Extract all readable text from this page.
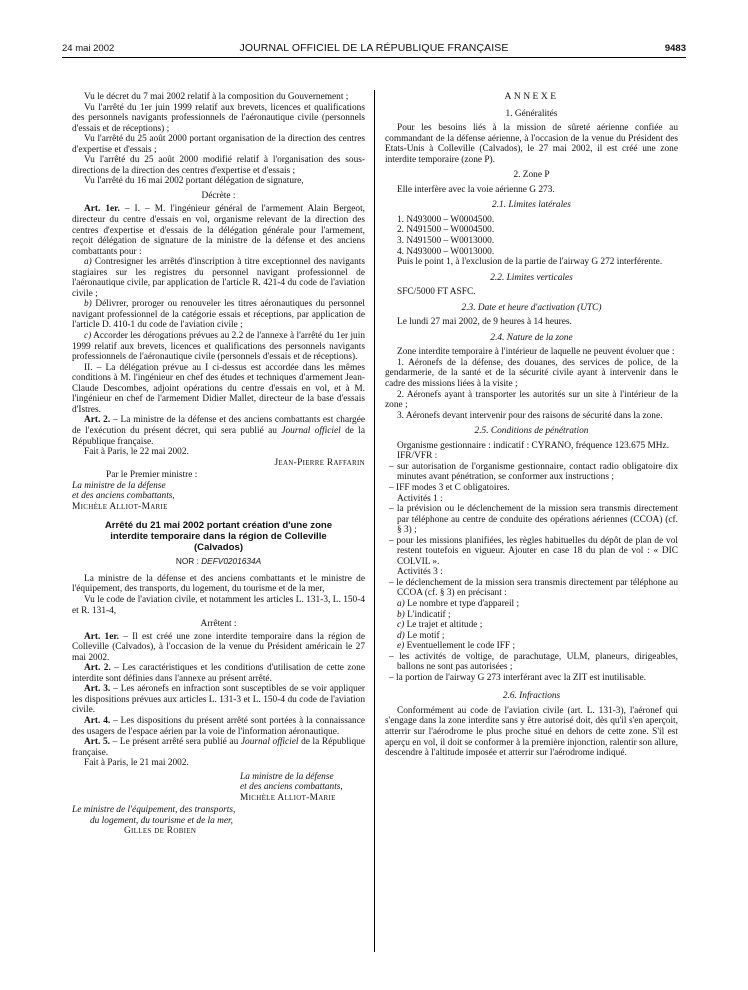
24 mai 2002	JOURNAL OFFICIEL DE LA RÉPUBLIQUE FRANÇAISE	9483

Vu le décret du 7 mai 2002 relatif à la composition du Gouvernement ;

Vu l'arrêté du 1er juin 1999 relatif aux brevets, licences et qualifications des personnels navigants professionnels de l'aéronautique civile (personnels d'essais et de réceptions) ;

Vu l'arrêté du 25 août 2000 portant organisation de la direction des centres d'expertise et d'essais ;

Vu l'arrêté du 25 août 2000 modifié relatif à l'organisation des sous-directions de la direction des centres d'expertise et d'essais ;

Vu l'arrêté du 16 mai 2002 portant délégation de signature,

Décrète :

Art. 1er. – I. – M. l'ingénieur général de l'armement Alain Bergeot, directeur du centre d'essais en vol, organisme relevant de la direction des centres d'expertise et d'essais de la délégation générale pour l'armement, reçoit délégation de signature de la ministre de la défense et des anciens combattants pour :

a) Contresigner les arrêtés d'inscription à titre exceptionnel des navigants stagiaires sur les registres du personnel navigant professionnel de l'aéronautique civile, par application de l'article R. 421-4 du code de l'aviation civile ;

b) Délivrer, proroger ou renouveler les titres aéronautiques du personnel navigant professionnel de la catégorie essais et réceptions, par application de l'article D. 410-1 du code de l'aviation civile ;

c) Accorder les dérogations prévues au 2.2 de l'annexe à l'arrêté du 1er juin 1999 relatif aux brevets, licences et qualifications des personnels navigants professionnels de l'aéronautique civile (personnels d'essais et de réceptions).

II. – La délégation prévue au I ci-dessus est accordée dans les mêmes conditions à M. l'ingénieur en chef des études et techniques d'armement Jean-Claude Descombes, adjoint opérations du centre d'essais en vol, et à M. l'ingénieur en chef de l'armement Didier Mallet, directeur de la base d'essais d'Istres.

Art. 2. – La ministre de la défense et des anciens combattants est chargée de l'exécution du présent décret, qui sera publié au Journal officiel de la République française.

Fait à Paris, le 22 mai 2002.

Jean-Pierre Raffarin

Par le Premier ministre :

La ministre de la défense

et des anciens combattants,

Michèle Alliot-Marie

Arrêté du 21 mai 2002 portant création d'une zone interdite temporaire dans la région de Colleville (Calvados)

NOR : DEFV0201634A

La ministre de la défense et des anciens combattants et le ministre de l'équipement, des transports, du logement, du tourisme et de la mer,

Vu le code de l'aviation civile, et notamment les articles L. 131-3, L. 150-4 et R. 131-4,

Arrêtent :

Art. 1er. – Il est créé une zone interdite temporaire dans la région de Colleville (Calvados), à l'occasion de la venue du Président américain le 27 mai 2002.

Art. 2. – Les caractéristiques et les conditions d'utilisation de cette zone interdite sont définies dans l'annexe au présent arrêté.

Art. 3. – Les aéronefs en infraction sont susceptibles de se voir appliquer les dispositions prévues aux articles L. 131-3 et L. 150-4 du code de l'aviation civile.

Art. 4. – Les dispositions du présent arrêté sont portées à la connaissance des usagers de l'espace aérien par la voie de l'information aéronautique.

Art. 5. – Le présent arrêté sera publié au Journal officiel de la République française.

Fait à Paris, le 21 mai 2002.

La ministre de la défense

et des anciens combattants,

Michèle Alliot-Marie

Le ministre de l'équipement, des transports,

du logement, du tourisme et de la mer,

Gilles de Robien

ANNEXE

1. Généralités

Pour les besoins liés à la mission de sûreté aérienne confiée au commandant de la défense aérienne, à l'occasion de la venue du Président des Etats-Unis à Colleville (Calvados), le 27 mai 2002, il est créé une zone interdite temporaire (zone P).

2. Zone P

Elle interfère avec la voie aérienne G 273.

2.1. Limites latérales

1. N493000 – W0004500.

2. N491500 – W0004500.

3. N491500 – W0013000.

4. N493000 – W0013000.

Puis le point 1, à l'exclusion de la partie de l'airway G 272 interférente.

2.2. Limites verticales

SFC/5000 FT ASFC.

2.3. Date et heure d'activation (UTC)

Le lundi 27 mai 2002, de 9 heures à 14 heures.

2.4. Nature de la zone

Zone interdite temporaire à l'intérieur de laquelle ne peuvent évoluer que :

1. Aéronefs de la défense, des douanes, des services de police, de la gendarmerie, de la santé et de la sécurité civile ayant à intervenir dans le cadre des missions liées à la visite ;

2. Aéronefs ayant à transporter les autorités sur un site à l'intérieur de la zone ;

3. Aéronefs devant intervenir pour des raisons de sécurité dans la zone.

2.5. Conditions de pénétration

Organisme gestionnaire : indicatif : CYRANO, fréquence 123.675 MHz.

IFR/VFR :

– sur autorisation de l'organisme gestionnaire, contact radio obligatoire dix minutes avant pénétration, se conformer aux instructions ;

– IFF modes 3 et C obligatoires.

Activités 1 :

– la prévision ou le déclenchement de la mission sera transmis directement par téléphone au centre de conduite des opérations aériennes (CCOA) (cf. § 3) ;

– pour les missions planifiées, les règles habituelles du dépôt de plan de vol restent toutefois en vigueur. Ajouter en case 18 du plan de vol : « DIC COLVIL ».

Activités 3 :

– le déclenchement de la mission sera transmis directement par téléphone au CCOA (cf. § 3) en précisant :

a) Le nombre et type d'appareil ;

b) L'indicatif ;

c) Le trajet et altitude ;

d) Le motif ;

e) Eventuellement le code IFF ;

– les activités de voltige, de parachutage, ULM, planeurs, dirigeables, ballons ne sont pas autorisées ;

– la portion de l'airway G 273 interférant avec la ZIT est inutilisable.

2.6. Infractions

Conformément au code de l'aviation civile (art. L. 131-3), l'aéronef qui s'engage dans la zone interdite sans y être autorisé doit, dès qu'il s'en aperçoit, atterrir sur l'aérodrome le plus proche situé en dehors de cette zone. S'il est aperçu en vol, il doit se conformer à la première injonction, ralentir son allure, descendre à l'altitude imposée et atterrir sur l'aérodrome indiqué.
